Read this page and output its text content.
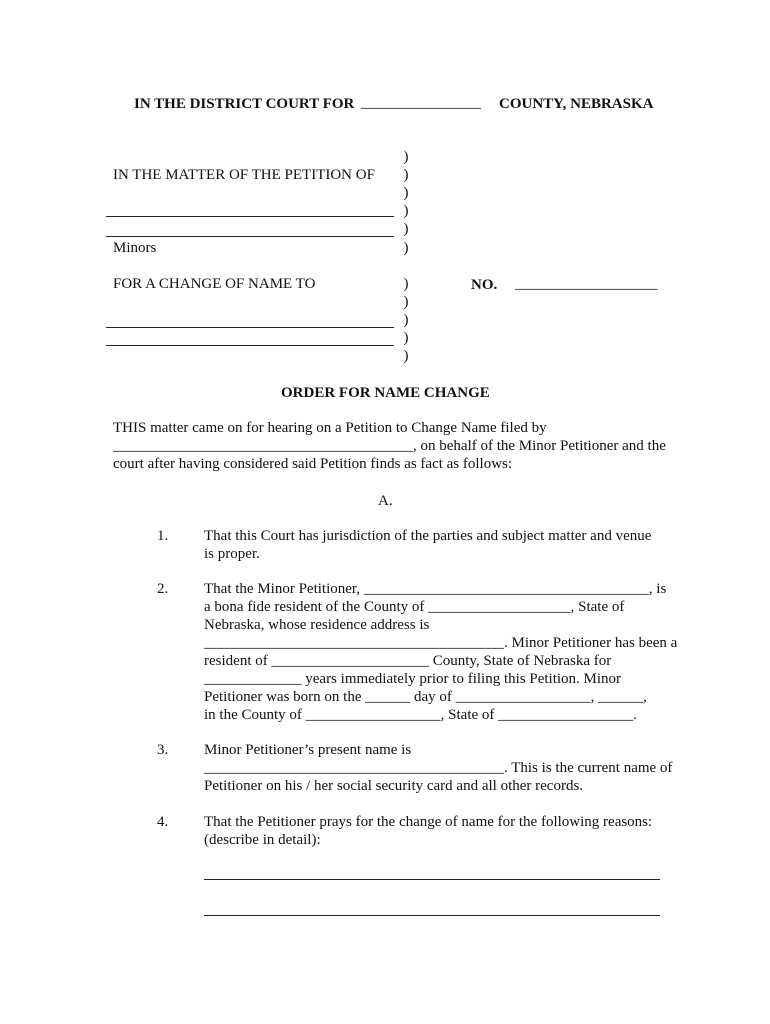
IN THE DISTRICT COURT FOR ________________ COUNTY, NEBRASKA
IN THE MATTER OF THE PETITION OF
Minors
FOR A CHANGE OF NAME TO
)
)
)
)
)
)
)
)
)
)
)
NO. ___________________
ORDER FOR NAME CHANGE
THIS matter came on for hearing on a Petition to Change Name filed by
________________________________________, on behalf of the Minor Petitioner and the
court after having considered said Petition finds as fact as follows:
A.
1. That this Court has jurisdiction of the parties and subject matter and venue
is proper.
2. That the Minor Petitioner, ______________________________________, is
a bona fide resident of the County of ___________________, State of
Nebraska, whose residence address is
________________________________________. Minor Petitioner has been a
resident of _____________________ County, State of Nebraska for
_____________ years immediately prior to filing this Petition. Minor
Petitioner was born on the ______ day of __________________, ______,
in the County of __________________, State of __________________.
3. Minor Petitioner’s present name is
________________________________________. This is the current name of
Petitioner on his / her social security card and all other records.
4. That the Petitioner prays for the change of name for the following reasons:
(describe in detail):
